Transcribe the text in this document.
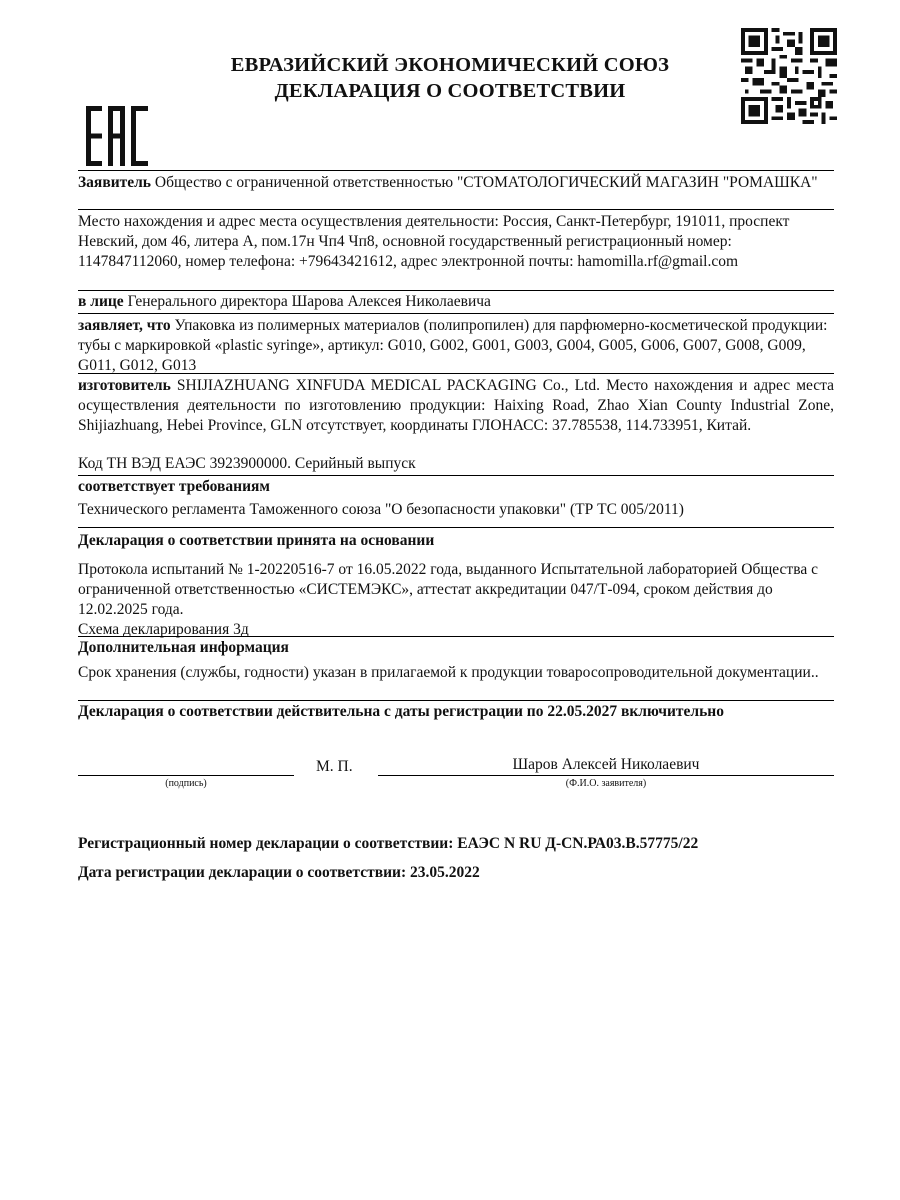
ЕВРАЗИЙСКИЙ ЭКОНОМИЧЕСКИЙ СОЮЗ
ДЕКЛАРАЦИЯ О СООТВЕТСТВИИ
Заявитель Общество с ограниченной ответственностью "СТОМАТОЛОГИЧЕСКИЙ МАГАЗИН "РОМАШКА"
Место нахождения и адрес места осуществления деятельности: Россия, Санкт-Петербург, 191011, проспект Невский, дом 46, литера А, пом.17н Чп4 Чп8, основной государственный регистрационный номер: 1147847112060, номер телефона: +79643421612, адрес электронной почты: hamomilla.rf@gmail.com
в лице Генерального директора Шарова Алексея Николаевича
заявляет, что Упаковка из полимерных материалов (полипропилен) для парфюмерно-косметической продукции: тубы с маркировкой «plastic syringe», артикул: G010, G002, G001, G003, G004, G005, G006, G007, G008, G009, G011, G012, G013
изготовитель SHIJIAZHUANG XINFUDA MEDICAL PACKAGING Co., Ltd. Место нахождения и адрес места осуществления деятельности по изготовлению продукции: Haixing Road, Zhao Xian County Industrial Zone, Shijiazhuang, Hebei Province, GLN отсутствует, координаты ГЛОНАСС: 37.785538, 114.733951, Китай.
Код ТН ВЭД ЕАЭС 3923900000. Серийный выпуск
соответствует требованиям
Технического регламента Таможенного союза "О безопасности упаковки" (ТР ТС 005/2011)
Декларация о соответствии принята на основании
Протокола испытаний № 1-20220516-7 от 16.05.2022 года, выданного Испытательной лабораторией Общества с ограниченной ответственностью «СИСТЕМЭКС», аттестат аккредитации 047/Т-094, сроком действия до 12.02.2025 года.
Схема декларирования 3д
Дополнительная информация
Срок хранения (службы, годности) указан в прилагаемой к продукции товаросопроводительной документации..
Декларация о соответствии действительна с даты регистрации по 22.05.2027 включительно
(подпись)
М. П.	Шаров Алексей Николаевич
(Ф.И.О. заявителя)
Регистрационный номер декларации о соответствии: ЕАЭС N RU Д-CN.РА03.В.57775/22
Дата регистрации декларации о соответствии: 23.05.2022
